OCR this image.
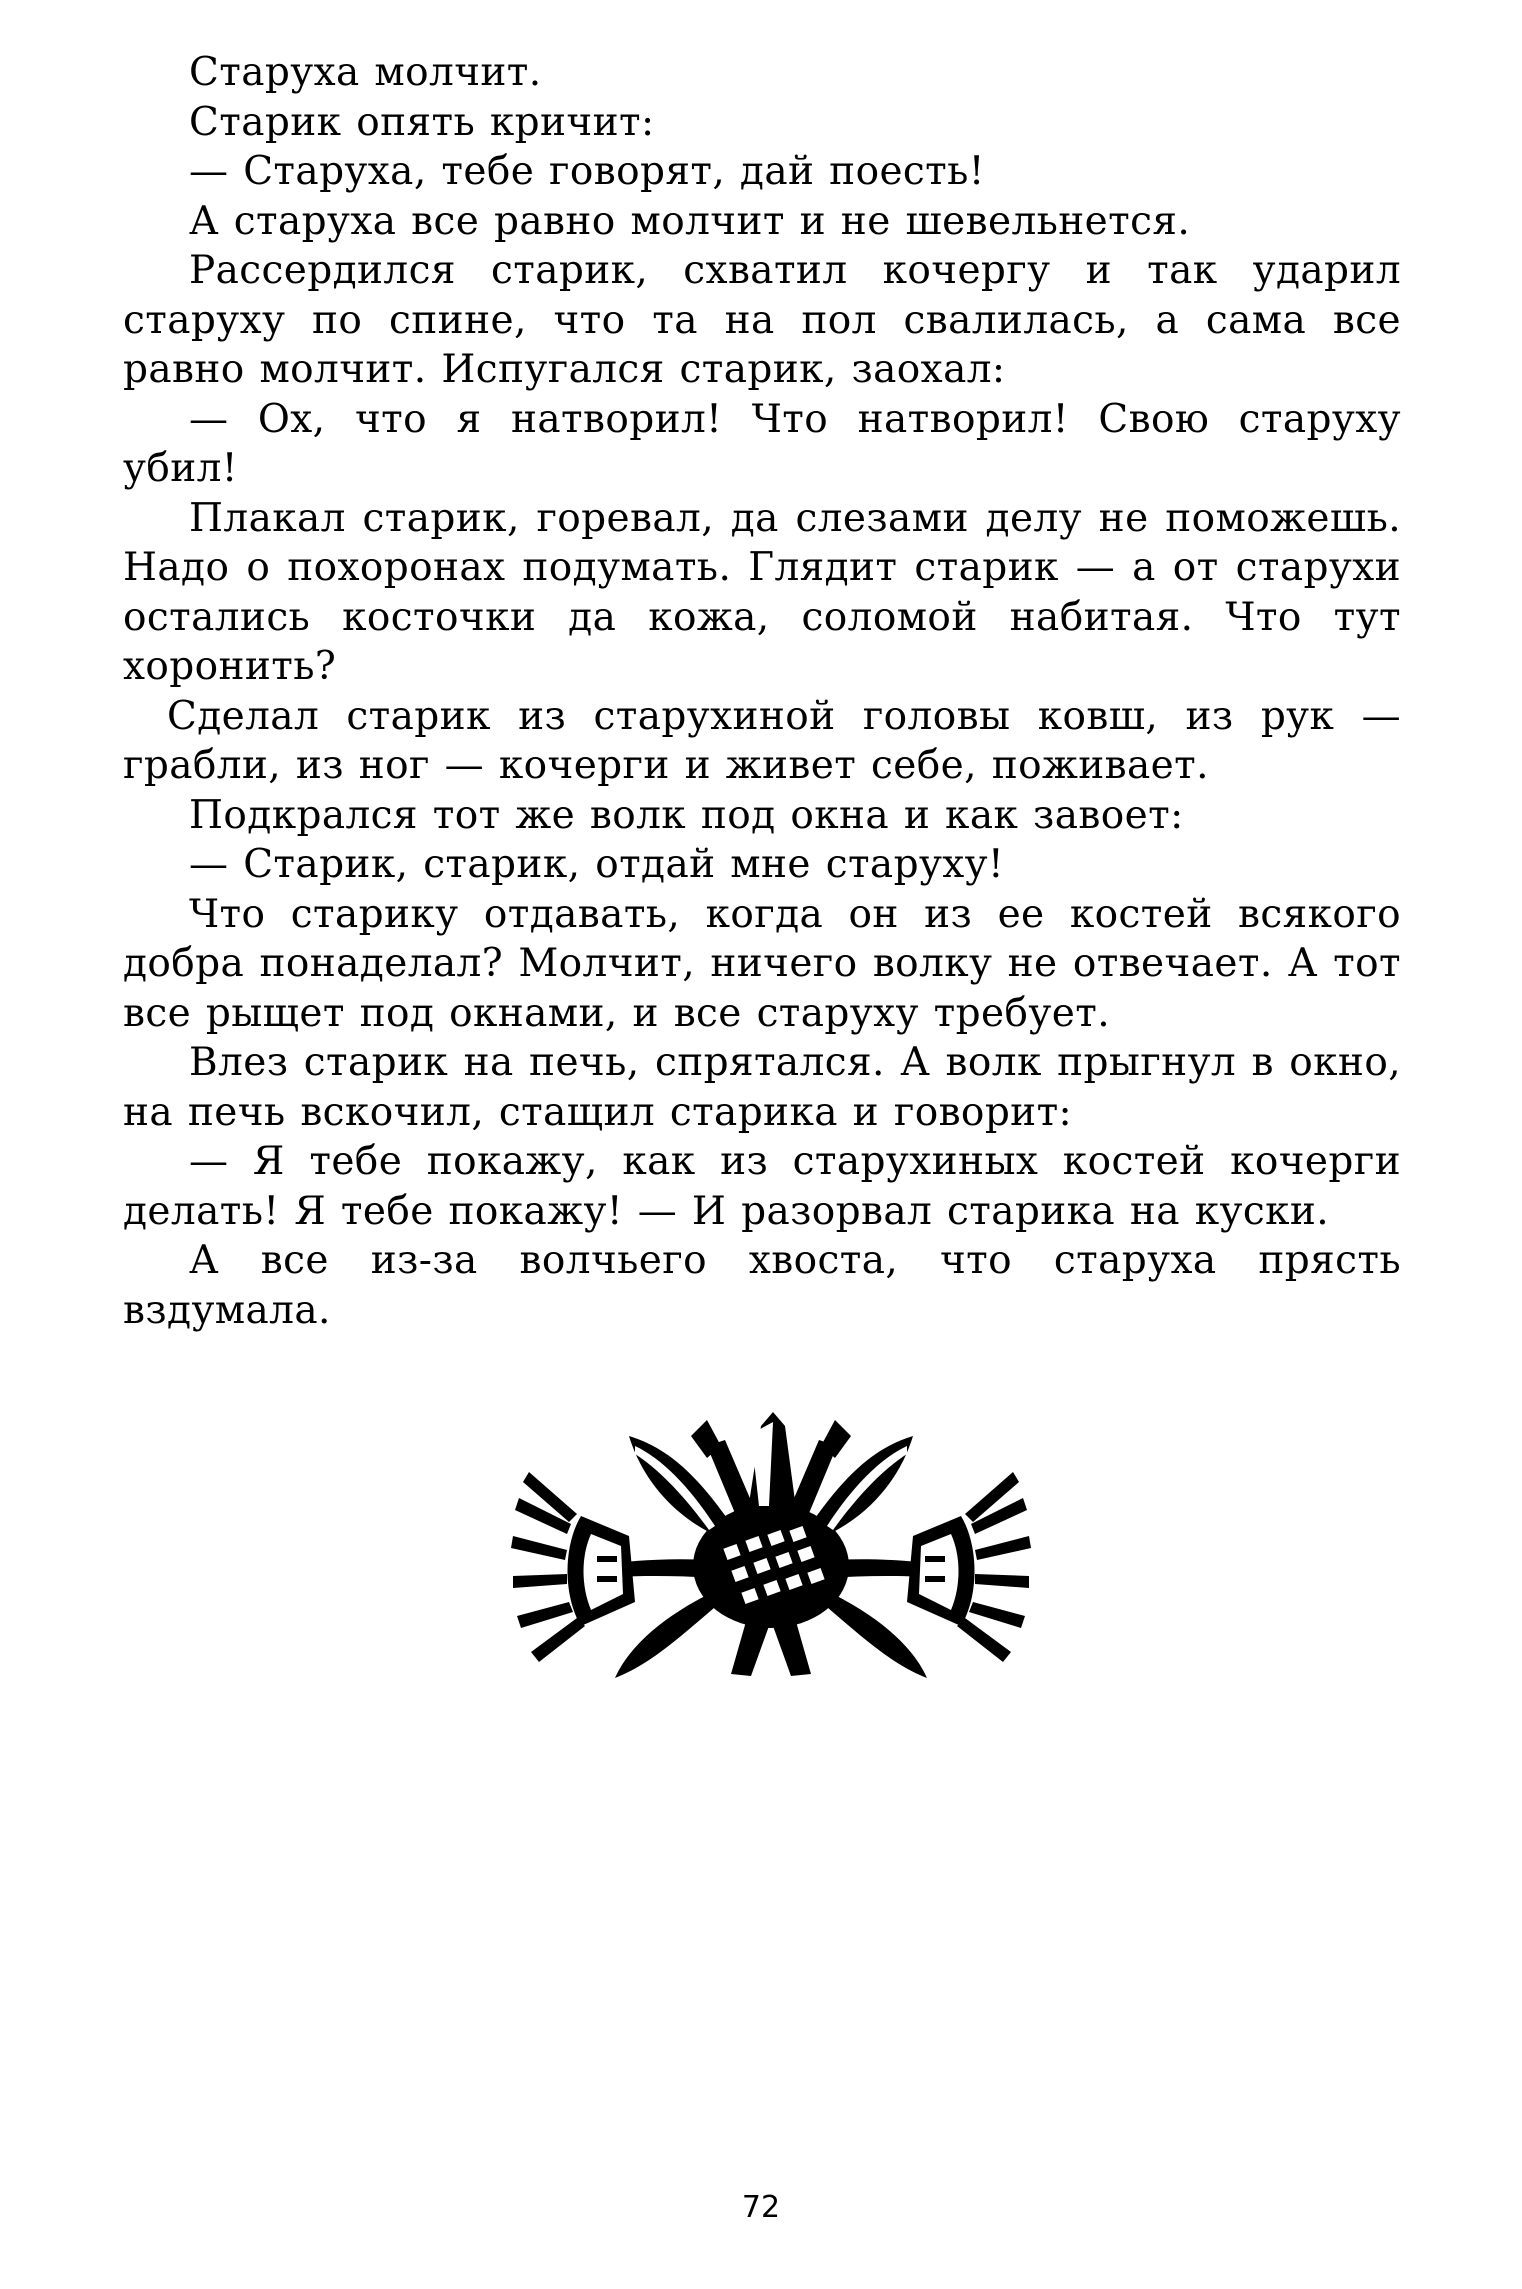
Старуха молчит.

Старик опять кричит:

— Старуха, тебе говорят, дай поесть!

А старуха все равно молчит и не шевельнется.

Рассердился старик, схватил кочергу и так ударил старуху по спине, что та на пол свалилась, а сама все равно молчит. Испугался старик, заохал:

— Ох, что я натворил! Что натворил! Свою старуху убил!

Плакал старик, горевал, да слезами делу не поможешь. Надо о похоронах подумать. Глядит старик — а от старухи остались косточки да кожа, соломой набитая. Что тут хоронить?

Сделал старик из старухиной головы ковш, из рук — грабли, из ног — кочерги и живет себе, поживает.

Подкрался тот же волк под окна и как завоет:

— Старик, старик, отдай мне старуху!

Что старику отдавать, когда он из ее костей всякого добра понаделал? Молчит, ничего волку не отвечает. А тот все рыщет под окнами, и все старуху требует.

Влез старик на печь, спрятался. А волк прыгнул в окно, на печь вскочил, стащил старика и говорит:

— Я тебе покажу, как из старухиных костей кочерги делать! Я тебе покажу! — И разорвал старика на куски.

А все из-за волчьего хвоста, что старуха прясть вздумала.

72
